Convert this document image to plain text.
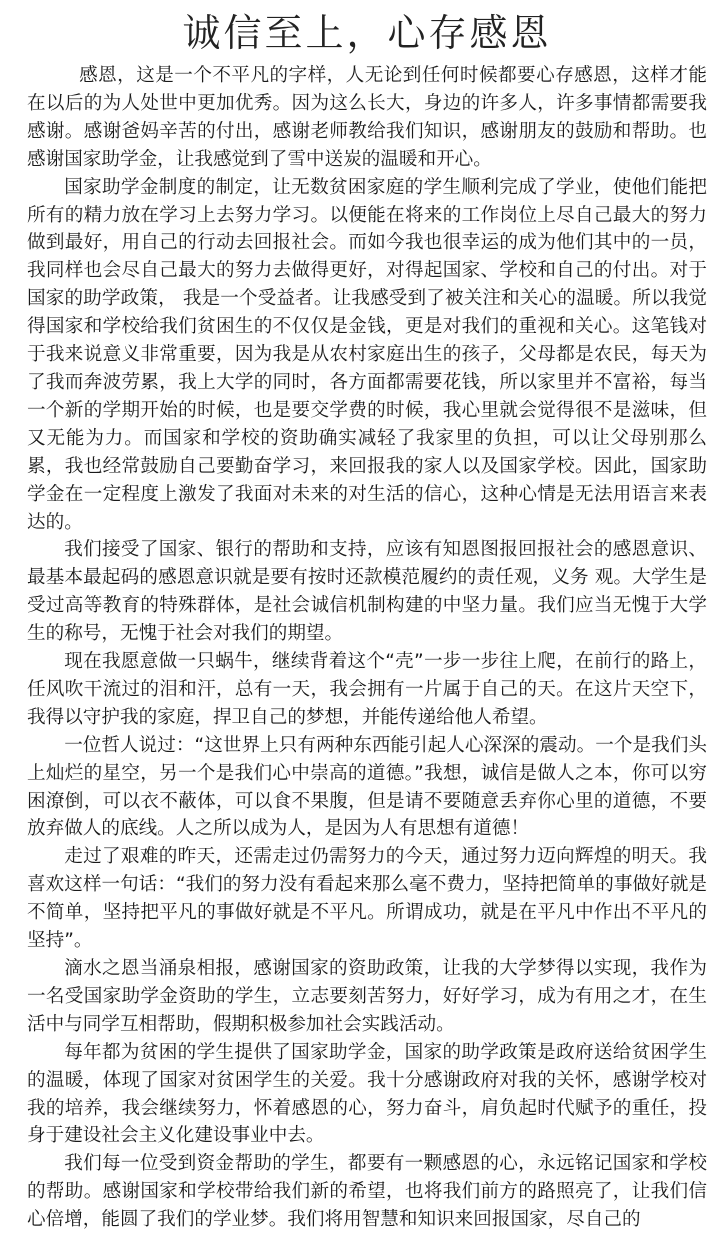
诚信至上，心存感恩

感恩，这是一个不平凡的字样，人无论到任何时候都要心存感恩，这样才能在以后的为人处世中更加优秀。因为这么长大，身边的许多人，许多事情都需要我感谢。感谢爸妈辛苦的付出，感谢老师教给我们知识，感谢朋友的鼓励和帮助。也感谢国家助学金，让我感觉到了雪中送炭的温暖和开心。

国家助学金制度的制定，让无数贫困家庭的学生顺利完成了学业，使他们能把所有的精力放在学习上去努力学习。以便能在将来的工作岗位上尽自己最大的努力做到最好，用自己的行动去回报社会。而如今我也很幸运的成为他们其中的一员，我同样也会尽自己最大的努力去做得更好，对得起国家、学校和自己的付出。对于国家的助学政策， 我是一个受益者。让我感受到了被关注和关心的温暖。所以我觉得国家和学校给我们贫困生的不仅仅是金钱，更是对我们的重视和关心。这笔钱对于我来说意义非常重要，因为我是从农村家庭出生的孩子，父母都是农民，每天为了我而奔波劳累，我上大学的同时，各方面都需要花钱，所以家里并不富裕，每当一个新的学期开始的时候，也是要交学费的时候，我心里就会觉得很不是滋味，但又无能为力。而国家和学校的资助确实减轻了我家里的负担，可以让父母别那么累，我也经常鼓励自己要勤奋学习，来回报我的家人以及国家学校。因此，国家助学金在一定程度上激发了我面对未来的对生活的信心，这种心情是无法用语言来表达的。

我们接受了国家、银行的帮助和支持，应该有知恩图报回报社会的感恩意识、最基本最起码的感恩意识就是要有按时还款模范履约的责任观，义务 观。大学生是受过高等教育的特殊群体，是社会诚信机制构建的中坚力量。我们应当无愧于大学生的称号，无愧于社会对我们的期望。

现在我愿意做一只蜗牛，继续背着这个“壳”一步一步往上爬，在前行的路上，任风吹干流过的泪和汗，总有一天，我会拥有一片属于自己的天。在这片天空下，我得以守护我的家庭，捍卫自己的梦想，并能传递给他人希望。

一位哲人说过：“这世界上只有两种东西能引起人心深深的震动。一个是我们头上灿烂的星空，另一个是我们心中崇高的道德。”我想，诚信是做人之本，你可以穷困潦倒，可以衣不蔽体，可以食不果腹，但是请不要随意丢弃你心里的道德，不要放弃做人的底线。人之所以成为人，是因为人有思想有道德！

走过了艰难的昨天，还需走过仍需努力的今天，通过努力迈向辉煌的明天。我喜欢这样一句话：“我们的努力没有看起来那么毫不费力，坚持把简单的事做好就是不简单，坚持把平凡的事做好就是不平凡。所谓成功，就是在平凡中作出不平凡的坚持”。

滴水之恩当涌泉相报，感谢国家的资助政策，让我的大学梦得以实现，我作为一名受国家助学金资助的学生，立志要刻苦努力，好好学习，成为有用之才，在生活中与同学互相帮助，假期积极参加社会实践活动。

每年都为贫困的学生提供了国家助学金，国家的助学政策是政府送给贫困学生的温暖，体现了国家对贫困学生的关爱。我十分感谢政府对我的关怀，感谢学校对我的培养，我会继续努力，怀着感恩的心，努力奋斗，肩负起时代赋予的重任，投身于建设社会主义化建设事业中去。

我们每一位受到资金帮助的学生，都要有一颗感恩的心，永远铭记国家和学校的帮助。感谢国家和学校带给我们新的希望，也将我们前方的路照亮了，让我们信心倍增，能圆了我们的学业梦。我们将用智慧和知识来回报国家，尽自己的
